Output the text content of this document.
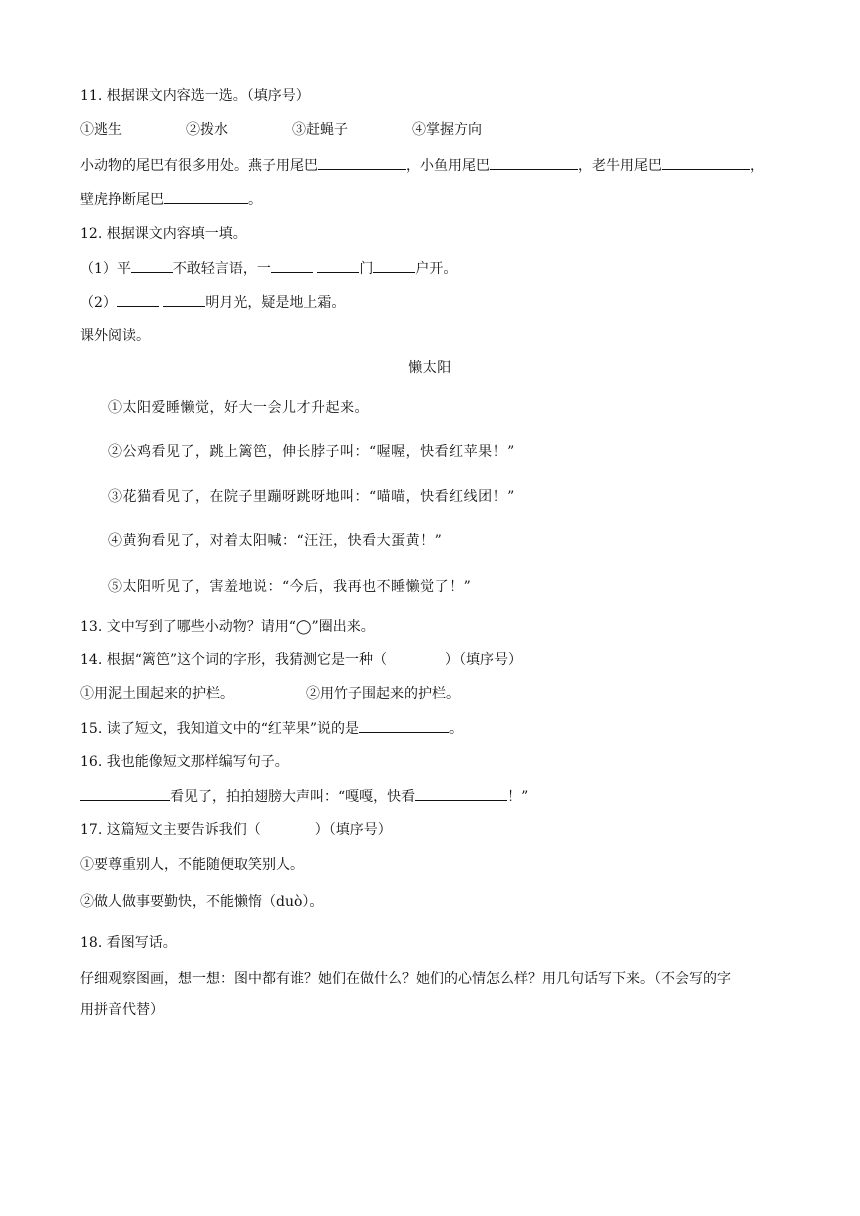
11. 根据课文内容选一选。（填序号）
①逃生	②拨水	③赶蝇子	④掌握方向
小动物的尾巴有很多用处。燕子用尾巴	，小鱼用尾巴	，老牛用尾巴	，
壁虎挣断尾巴	。
12. 根据课文内容填一填。
（1）平	不敢轻言语，一	门	户开。
（2）	明月光，疑是地上霜。
课外阅读。
懒太阳
①太阳爱睡懒觉，好大一会儿才升起来。
②公鸡看见了，跳上篱笆，伸长脖子叫：“喔喔，快看红苹果！”
③花猫看见了，在院子里蹦呀跳呀地叫：“喵喵，快看红线团！”
④黄狗看见了，对着太阳喊：“汪汪，快看大蛋黄！”
⑤太阳听见了，害羞地说：“今后，我再也不睡懒觉了！”
13. 文中写到了哪些小动物？请用“◯”圈出来。
14. 根据“篱笆”这个词的字形，我猜测它是一种（	）（填序号）
①用泥土围起来的护栏。	②用竹子围起来的护栏。
15. 读了短文，我知道文中的“红苹果”说的是	。
16. 我也能像短文那样编写句子。
看见了，拍拍翅膀大声叫：“嘎嘎，快看	！”
17. 这篇短文主要告诉我们（	）（填序号）
①要尊重别人，不能随便取笑别人。
②做人做事要勤快，不能懒惰（duò）。
18. 看图写话。
仔细观察图画，想一想：图中都有谁？她们在做什么？她们的心情怎么样？用几句话写下来。（不会写的字
用拼音代替）
